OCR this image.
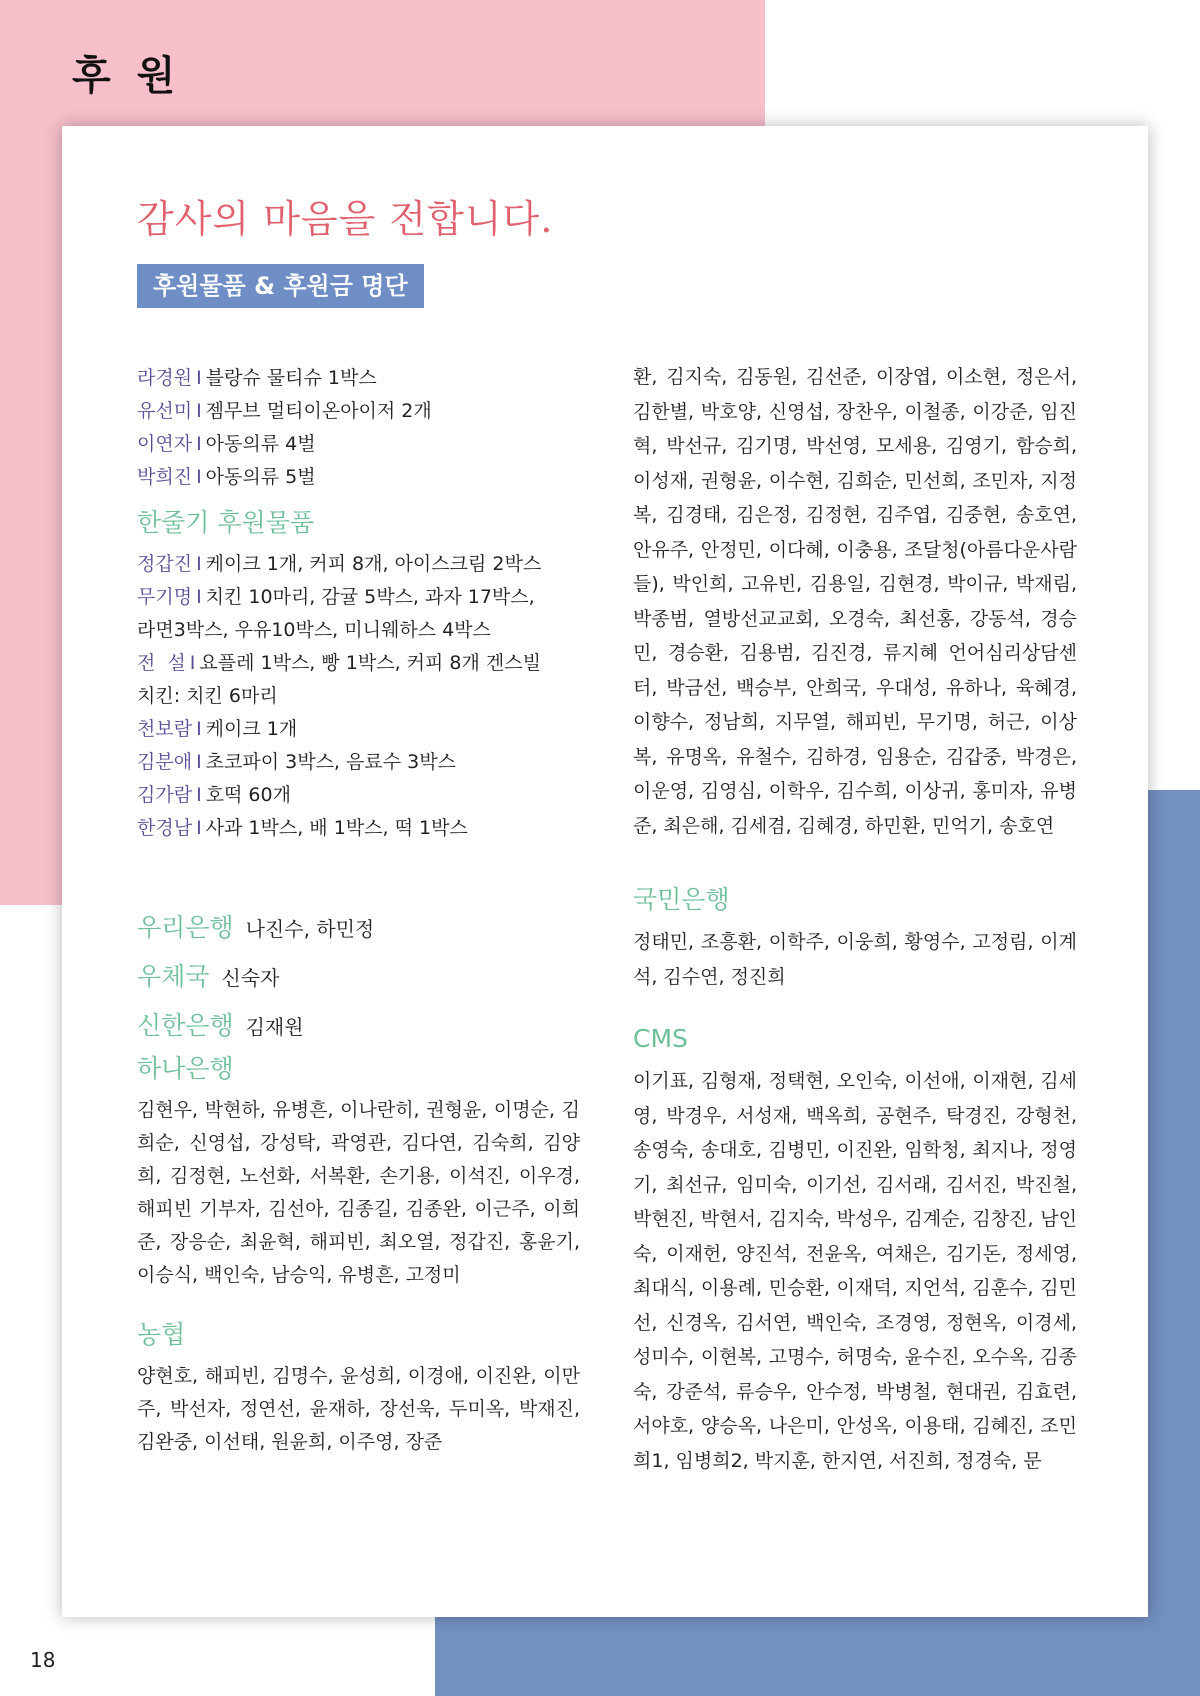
후 원
감사의 마음을 전합니다.
후원물품 & 후원금 명단

라경원 I 블랑슈 물티슈 1박스

유선미 I 젬무브 멀티이온아이저 2개

이연자 I 아동의류 4벌

박희진 I 아동의류 5벌

한줄기 후원물품

정갑진 I 케이크 1개, 커피 8개, 아이스크림 2박스

무기명 I 치킨 10마리, 감귤 5박스, 과자 17박스,

라면3박스, 우유10박스, 미니웨하스 4박스

전  설 I 요플레 1박스, 빵 1박스, 커피 8개 겐스빌

치킨: 치킨 6마리

천보람 I 케이크 1개

김분애 I 초코파이 3박스, 음료수 3박스

김가람 I 호떡 60개

한경남 I 사과 1박스, 배 1박스, 떡 1박스

우리은행 나진수, 하민정

우체국 신숙자

신한은행 김재원

하나은행

김현우, 박현하, 유병흔, 이나란히, 권형윤, 이명순, 김희순, 신영섭, 강성탁, 곽영관, 김다연, 김숙희, 김양희, 김정현, 노선화, 서복환, 손기용, 이석진, 이우경, 해피빈 기부자, 김선아, 김종길, 김종완, 이근주, 이희준, 장응순, 최윤혁, 해피빈, 최오열, 정갑진, 홍윤기, 이승식, 백인숙, 남승익, 유병흔, 고정미

농협

양현호, 해피빈, 김명수, 윤성희, 이경애, 이진완, 이만주, 박선자, 정연선, 윤재하, 장선욱, 두미옥, 박재진, 김완중, 이선태, 원윤희, 이주영, 장준

환, 김지숙, 김동원, 김선준, 이장엽, 이소현, 정은서, 김한별, 박호양, 신영섭, 장찬우, 이철종, 이강준, 임진혁, 박선규, 김기명, 박선영, 모세용, 김영기, 함승희, 이성재, 권형윤, 이수현, 김희순, 민선희, 조민자, 지정복, 김경태, 김은정, 김정현, 김주엽, 김중현, 송호연, 안유주, 안정민, 이다혜, 이충용, 조달청(아름다운사람들), 박인희, 고유빈, 김용일, 김현경, 박이규, 박재림, 박종범, 열방선교교회, 오경숙, 최선홍, 강동석, 경승민, 경승환, 김용범, 김진경, 류지혜 언어심리상담센터, 박금선, 백승부, 안희국, 우대성, 유하나, 육혜경, 이향수, 정남희, 지무열, 해피빈, 무기명, 허근, 이상복, 유명옥, 유철수, 김하경, 임용순, 김갑중, 박경은, 이운영, 김영심, 이학우, 김수희, 이상귀, 홍미자, 유병준, 최은해, 김세겸, 김혜경, 하민환, 민억기, 송호연

국민은행

정태민, 조흥환, 이학주, 이웅희, 황영수, 고정림, 이계석, 김수연, 정진희

CMS

이기표, 김형재, 정택현, 오인숙, 이선애, 이재현, 김세영, 박경우, 서성재, 백옥희, 공현주, 탁경진, 강형천, 송영숙, 송대호, 김병민, 이진완, 임학청, 최지나, 정영기, 최선규, 임미숙, 이기선, 김서래, 김서진, 박진철, 박현진, 박현서, 김지숙, 박성우, 김계순, 김창진, 남인숙, 이재헌, 양진석, 전윤옥, 여채은, 김기돈, 정세영, 최대식, 이용례, 민승환, 이재덕, 지언석, 김훈수, 김민선, 신경옥, 김서연, 백인숙, 조경영, 정현옥, 이경세, 성미수, 이현복, 고명수, 허명숙, 윤수진, 오수옥, 김종숙, 강준석, 류승우, 안수정, 박병철, 현대권, 김효련, 서야호, 양승옥, 나은미, 안성옥, 이용태, 김혜진, 조민희1, 임병희2, 박지훈, 한지연, 서진희, 정경숙, 문

18
